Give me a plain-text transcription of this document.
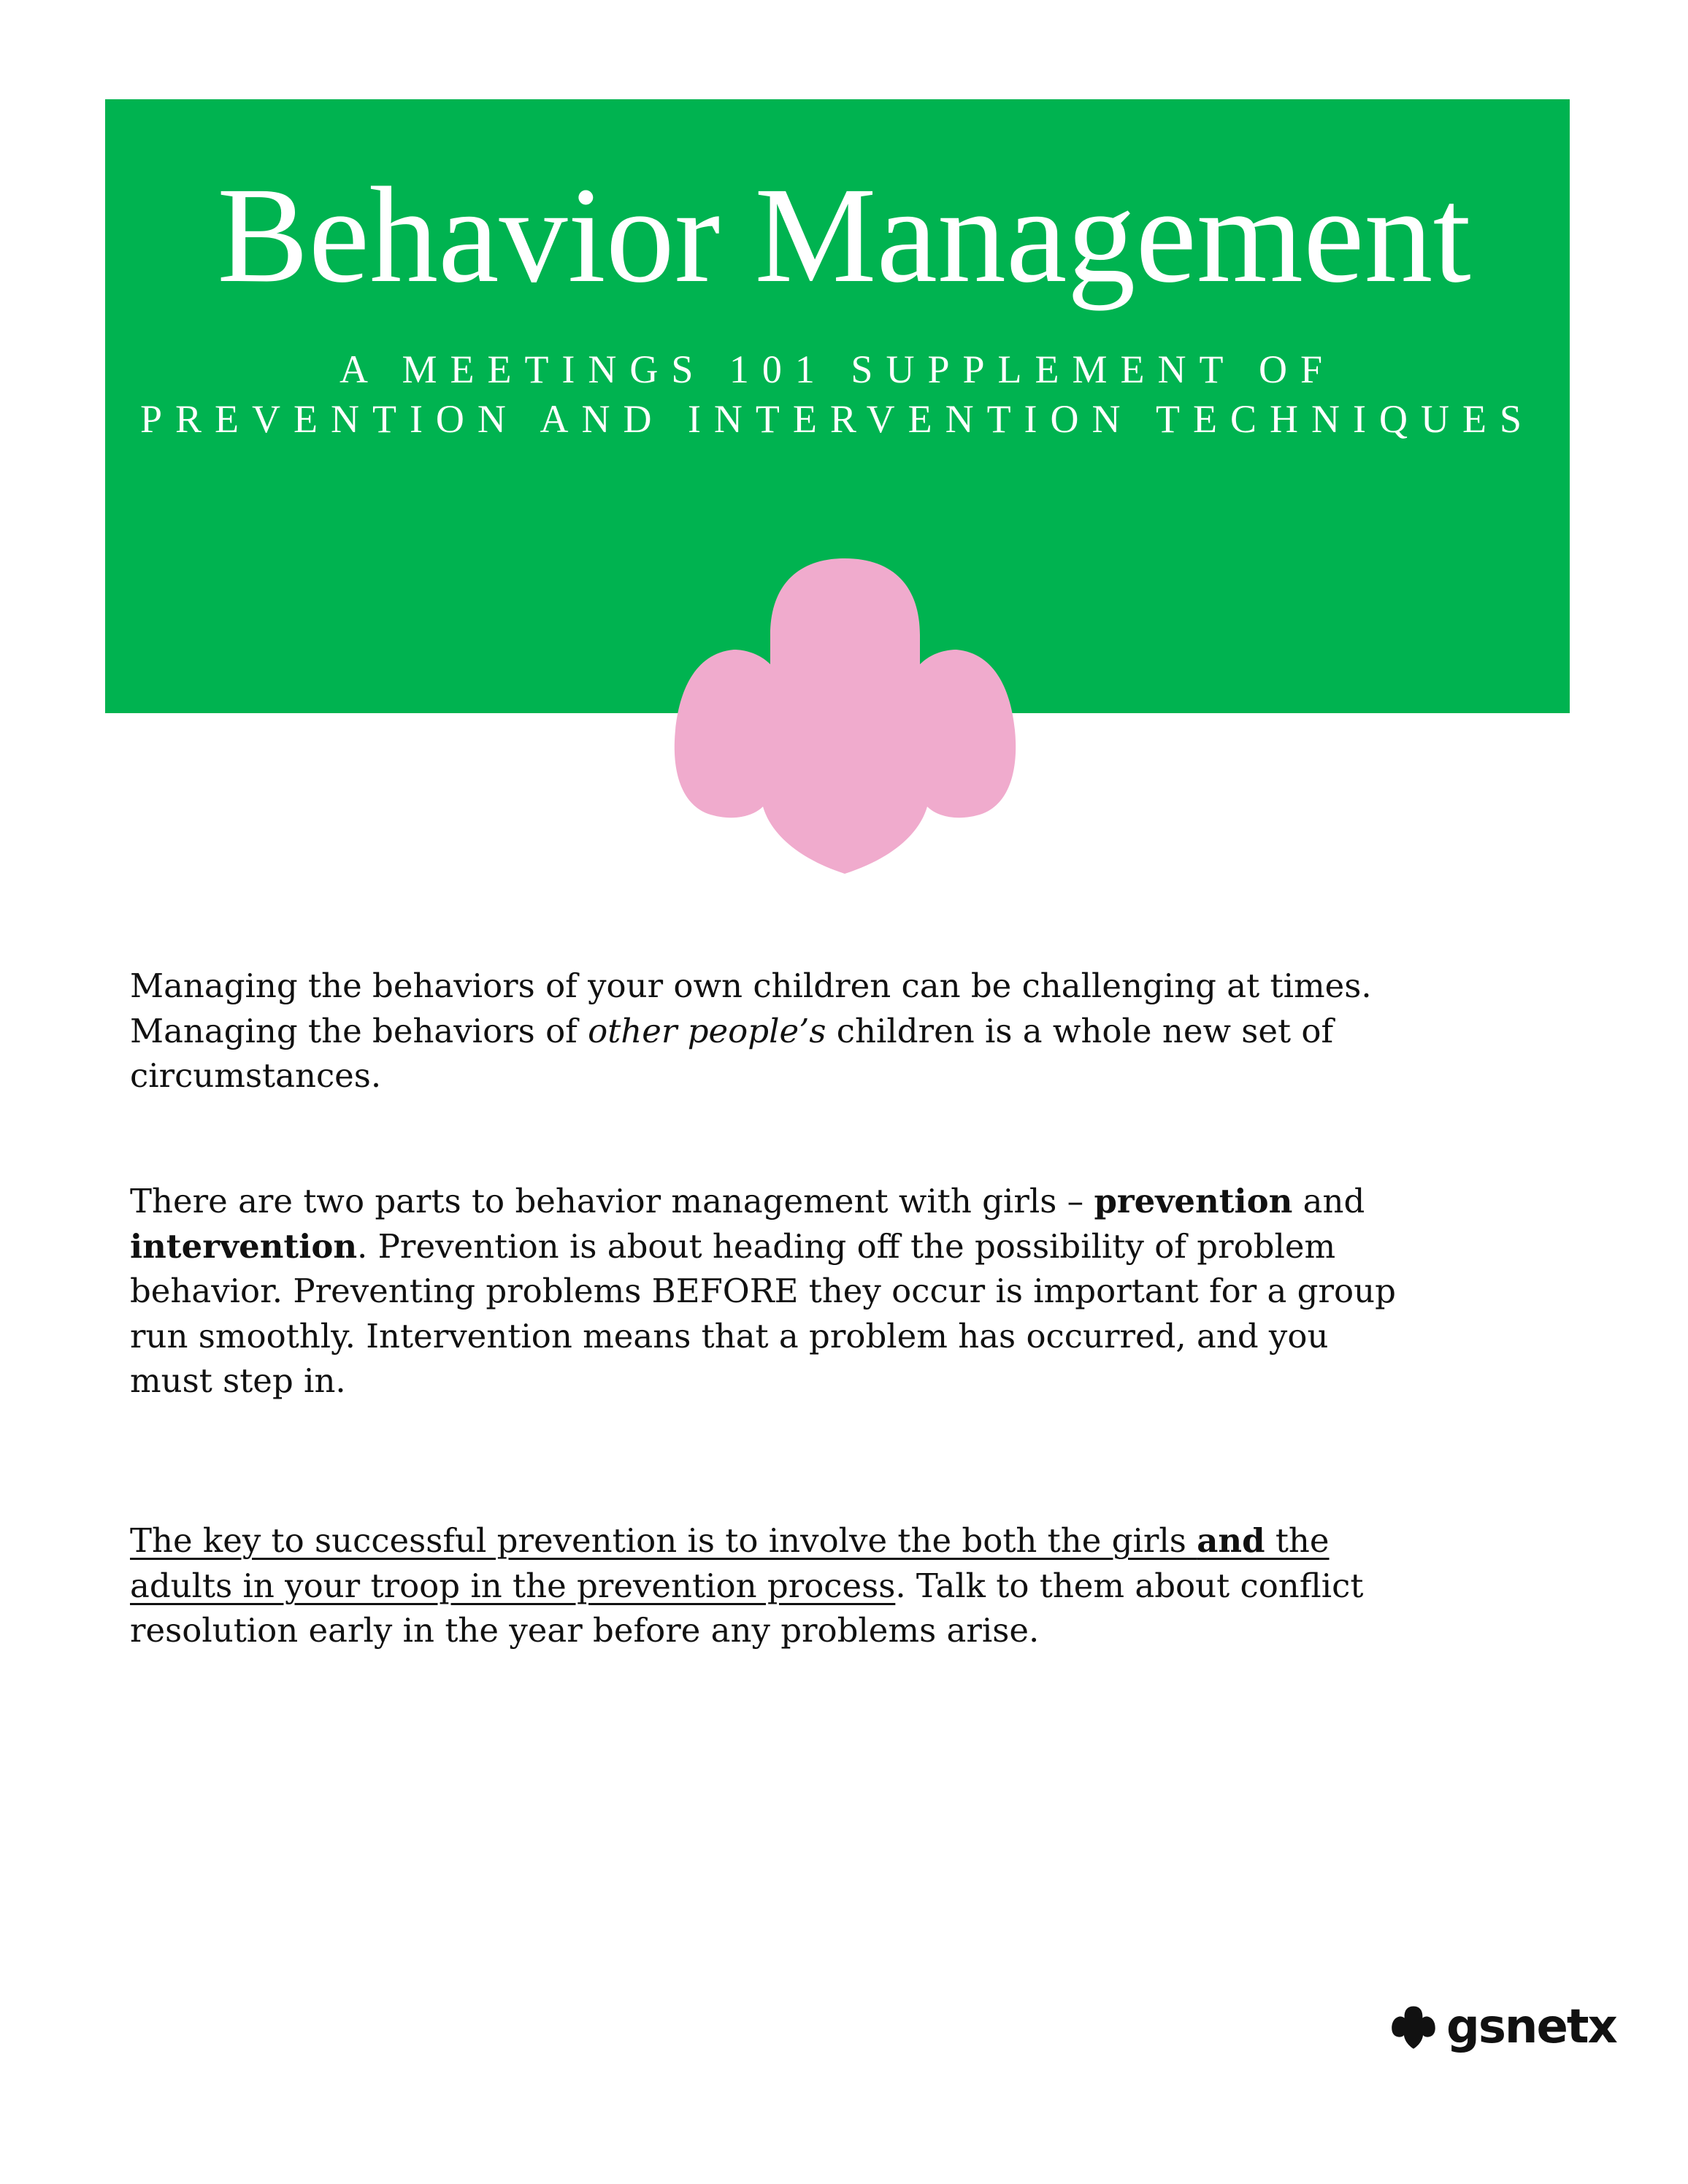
Behavior Management
A MEETINGS 101 SUPPLEMENT OF
PREVENTION AND INTERVENTION TECHNIQUES
Managing the behaviors of your own children can be challenging at times.
Managing the behaviors of other people’s children is a whole new set of
circumstances.
There are two parts to behavior management with girls – prevention and
intervention. Prevention is about heading off the possibility of problem
behavior. Preventing problems BEFORE they occur is important for a group
run smoothly. Intervention means that a problem has occurred, and you
must step in.
The key to successful prevention is to involve the both the girls and the
adults in your troop in the prevention process. Talk to them about conflict
resolution early in the year before any problems arise.
gsnetx
